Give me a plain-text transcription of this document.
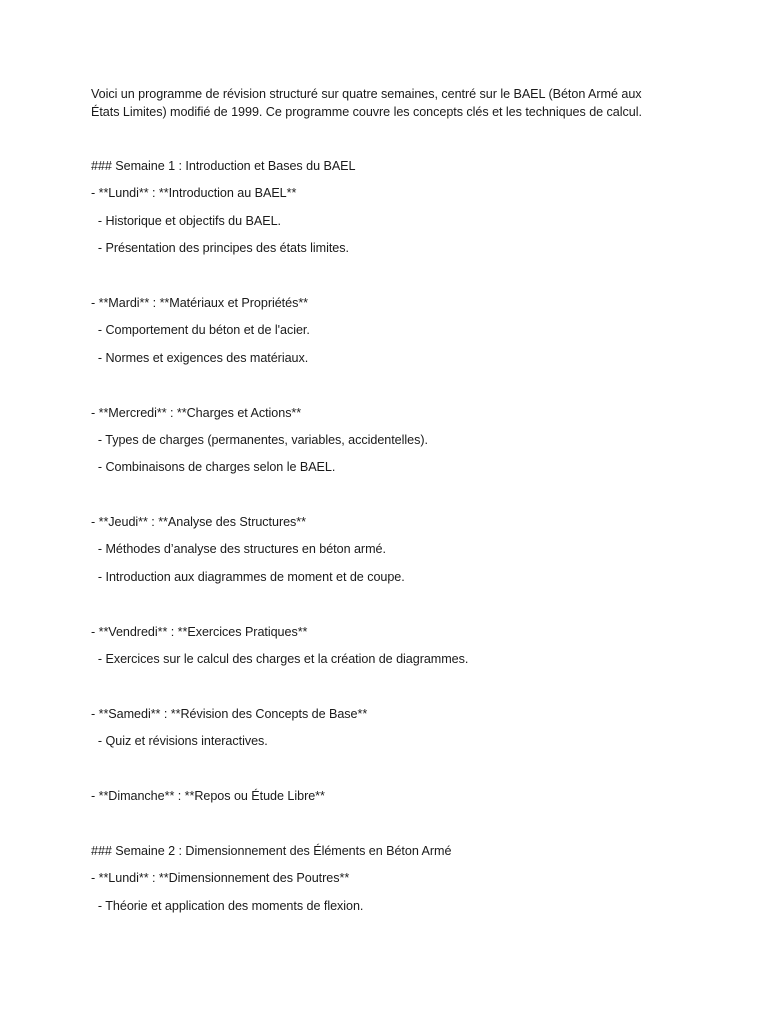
Voici un programme de révision structuré sur quatre semaines, centré sur le BAEL (Béton Armé aux
États Limites) modifié de 1999. Ce programme couvre les concepts clés et les techniques de calcul.
### Semaine 1 : Introduction et Bases du BAEL
- **Lundi** : **Introduction au BAEL**
- Historique et objectifs du BAEL.
- Présentation des principes des états limites.
- **Mardi** : **Matériaux et Propriétés**
- Comportement du béton et de l'acier.
- Normes et exigences des matériaux.
- **Mercredi** : **Charges et Actions**
- Types de charges (permanentes, variables, accidentelles).
- Combinaisons de charges selon le BAEL.
- **Jeudi** : **Analyse des Structures**
- Méthodes d’analyse des structures en béton armé.
- Introduction aux diagrammes de moment et de coupe.
- **Vendredi** : **Exercices Pratiques**
- Exercices sur le calcul des charges et la création de diagrammes.
- **Samedi** : **Révision des Concepts de Base**
- Quiz et révisions interactives.
- **Dimanche** : **Repos ou Étude Libre**
### Semaine 2 : Dimensionnement des Éléments en Béton Armé
- **Lundi** : **Dimensionnement des Poutres**
- Théorie et application des moments de flexion.
